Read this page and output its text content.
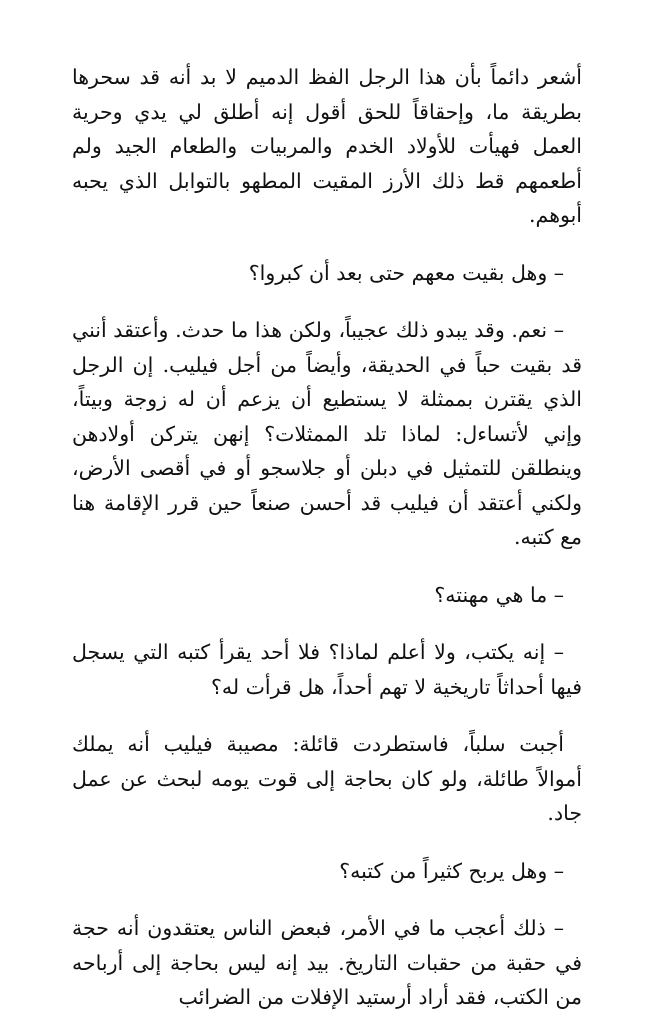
أشعر دائماً بأن هذا الرجل الفظ الدميم لا بد أنه قد سحرها بطريقة ما، وإحقاقاً للحق أقول إنه أطلق لي يدي وحرية العمل فهيأت للأولاد الخدم والمربيات والطعام الجيد ولم أطعمهم قط ذلك الأرز المقيت المطهو بالتوابل الذي يحبه أبوهم.

– وهل بقيت معهم حتى بعد أن كبروا؟

– نعم. وقد يبدو ذلك عجيباً، ولكن هذا ما حدث. وأعتقد أنني قد بقيت حباً في الحديقة، وأيضاً من أجل فيليب. إن الرجل الذي يقترن بممثلة لا يستطيع أن يزعم أن له زوجة وبيتاً، وإني لأتساءل: لماذا تلد الممثلات؟ إنهن يتركن أولادهن وينطلقن للتمثيل في دبلن أو جلاسجو أو في أقصى الأرض، ولكني أعتقد أن فيليب قد أحسن صنعاً حين قرر الإقامة هنا مع كتبه.

– ما هي مهنته؟

– إنه يكتب، ولا أعلم لماذا؟ فلا أحد يقرأ كتبه التي يسجل فيها أحداثاً تاريخية لا تهم أحداً، هل قرأت له؟

أجبت سلباً، فاستطردت قائلة: مصيبة فيليب أنه يملك أموالاً طائلة، ولو كان بحاجة إلى قوت يومه لبحث عن عمل جاد.

– وهل يربح كثيراً من كتبه؟

– ذلك أعجب ما في الأمر، فبعض الناس يعتقدون أنه حجة في حقبة من حقبات التاريخ. بيد إنه ليس بحاجة إلى أرباحه من الكتب، فقد أراد أرستيد الإفلات من الضرائب
